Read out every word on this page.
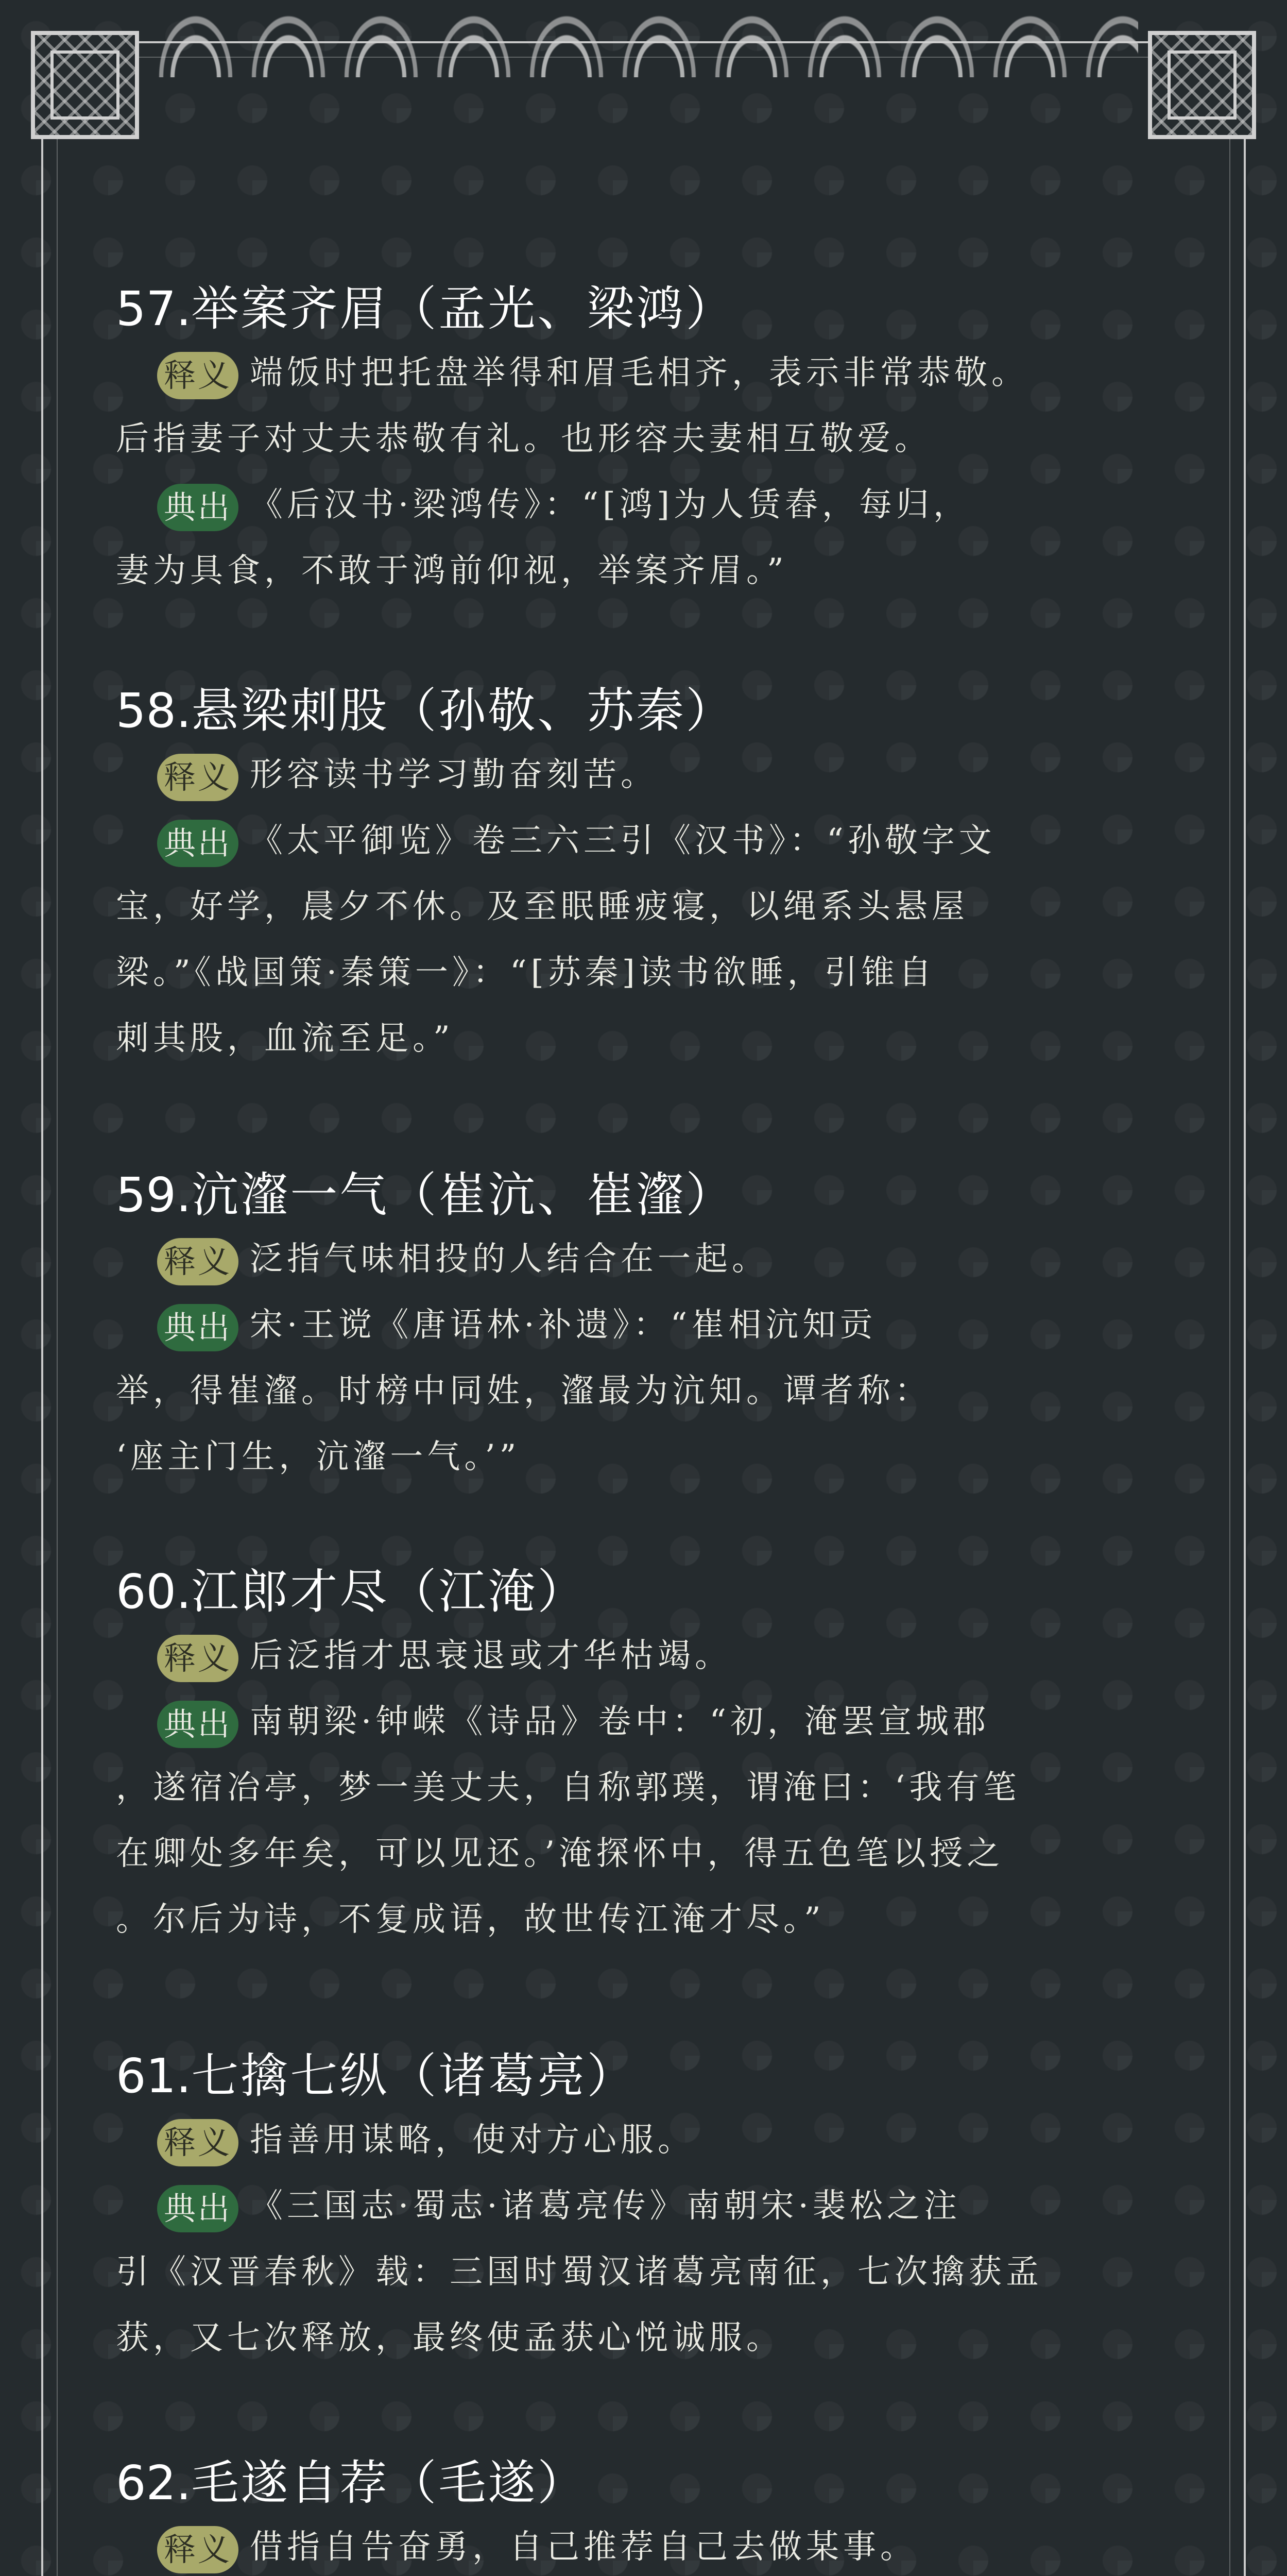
57.举案齐眉（孟光、梁鸿）
释义 端饭时把托盘举得和眉毛相齐，表示非常恭敬。
后指妻子对丈夫恭敬有礼。也形容夫妻相互敬爱。
典出 《后汉书·梁鸿传》：“[鸿]为人赁舂，每归，
妻为具食，不敢于鸿前仰视，举案齐眉。”
58.悬梁刺股（孙敬、苏秦）
释义 形容读书学习勤奋刻苦。
典出 《太平御览》卷三六三引《汉书》：“孙敬字文
宝，好学，晨夕不休。及至眠睡疲寝，以绳系头悬屋
梁。”《战国策·秦策一》：“[苏秦]读书欲睡，引锥自
刺其股，血流至足。”
59.沆瀣一气（崔沆、崔瀣）
释义 泛指气味相投的人结合在一起。
典出 宋·王谠《唐语林·补遗》：“崔相沆知贡
举，得崔瀣。时榜中同姓，瀣最为沆知。谭者称：
‘座主门生，沆瀣一气。’”
60.江郎才尽（江淹）
释义 后泛指才思衰退或才华枯竭。
典出 南朝梁·钟嵘《诗品》卷中：“初，淹罢宣城郡
，遂宿冶亭，梦一美丈夫，自称郭璞，谓淹曰：‘我有笔
在卿处多年矣，可以见还。’淹探怀中，得五色笔以授之
。尔后为诗，不复成语，故世传江淹才尽。”
61.七擒七纵（诸葛亮）
释义 指善用谋略，使对方心服。
典出 《三国志·蜀志·诸葛亮传》南朝宋·裴松之注
引《汉晋春秋》载：三国时蜀汉诸葛亮南征，七次擒获孟
获，又七次释放，最终使孟获心悦诚服。
62.毛遂自荐（毛遂）
释义 借指自告奋勇，自己推荐自己去做某事。
